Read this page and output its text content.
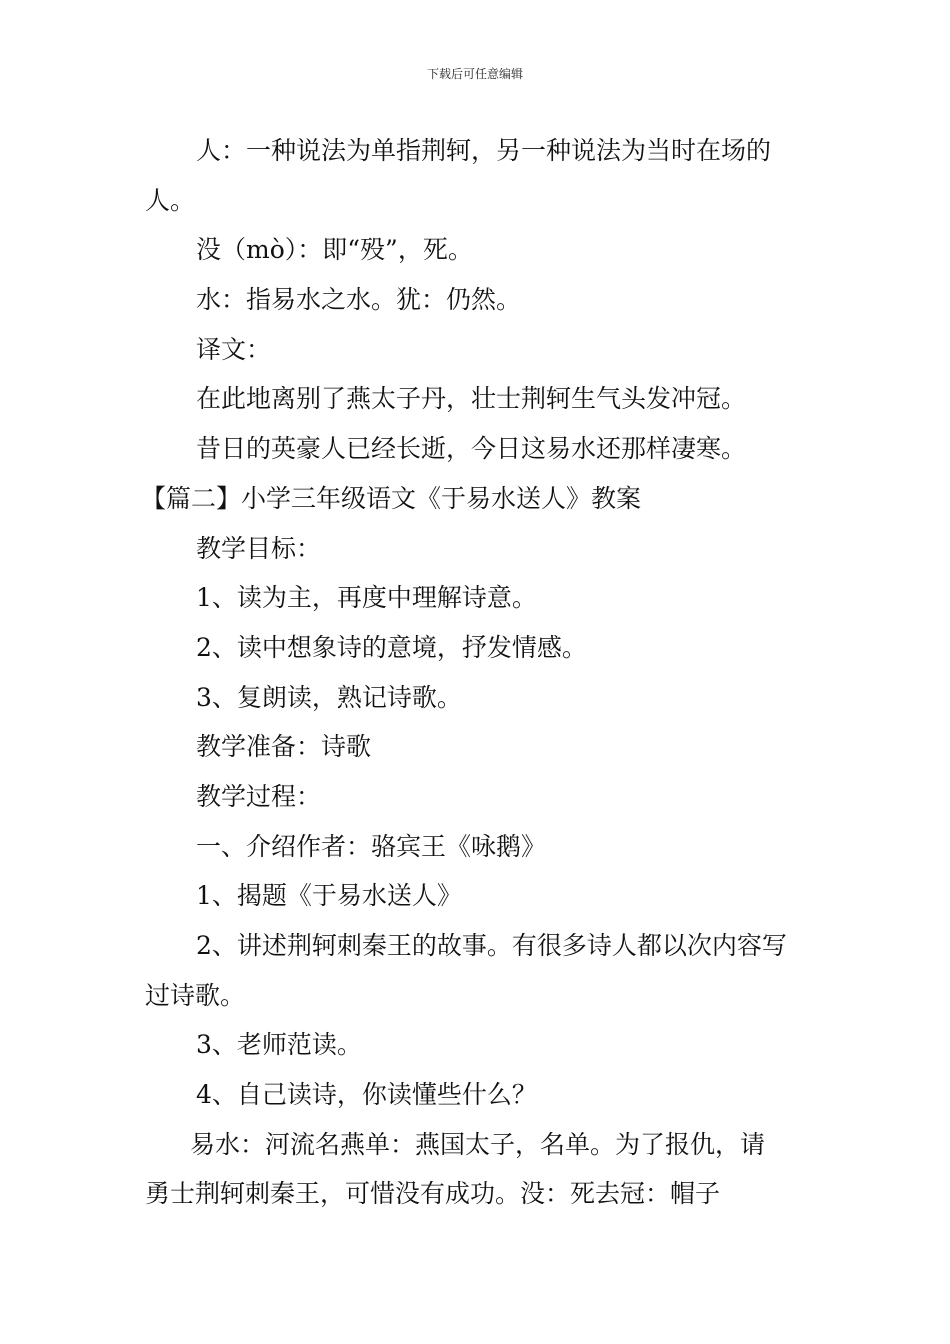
下载后可任意编辑
人：一种说法为单指荆轲，另一种说法为当时在场的
人。
没（mò）：即“殁”，死。
水：指易水之水。犹：仍然。
译文：
在此地离别了燕太子丹，壮士荆轲生气头发冲冠。
昔日的英豪人已经长逝，今日这易水还那样凄寒。
【篇二】小学三年级语文《于易水送人》教案
教学目标：
1、读为主，再度中理解诗意。
2、读中想象诗的意境，抒发情感。
3、复朗读，熟记诗歌。
教学准备：诗歌
教学过程：
一、介绍作者：骆宾王《咏鹅》
1、揭题《于易水送人》
2、讲述荆轲刺秦王的故事。有很多诗人都以次内容写
过诗歌。
3、老师范读。
4、自己读诗，你读懂些什么？
易水：河流名燕单：燕国太子，名单。为了报仇，请
勇士荆轲刺秦王，可惜没有成功。没：死去冠：帽子
